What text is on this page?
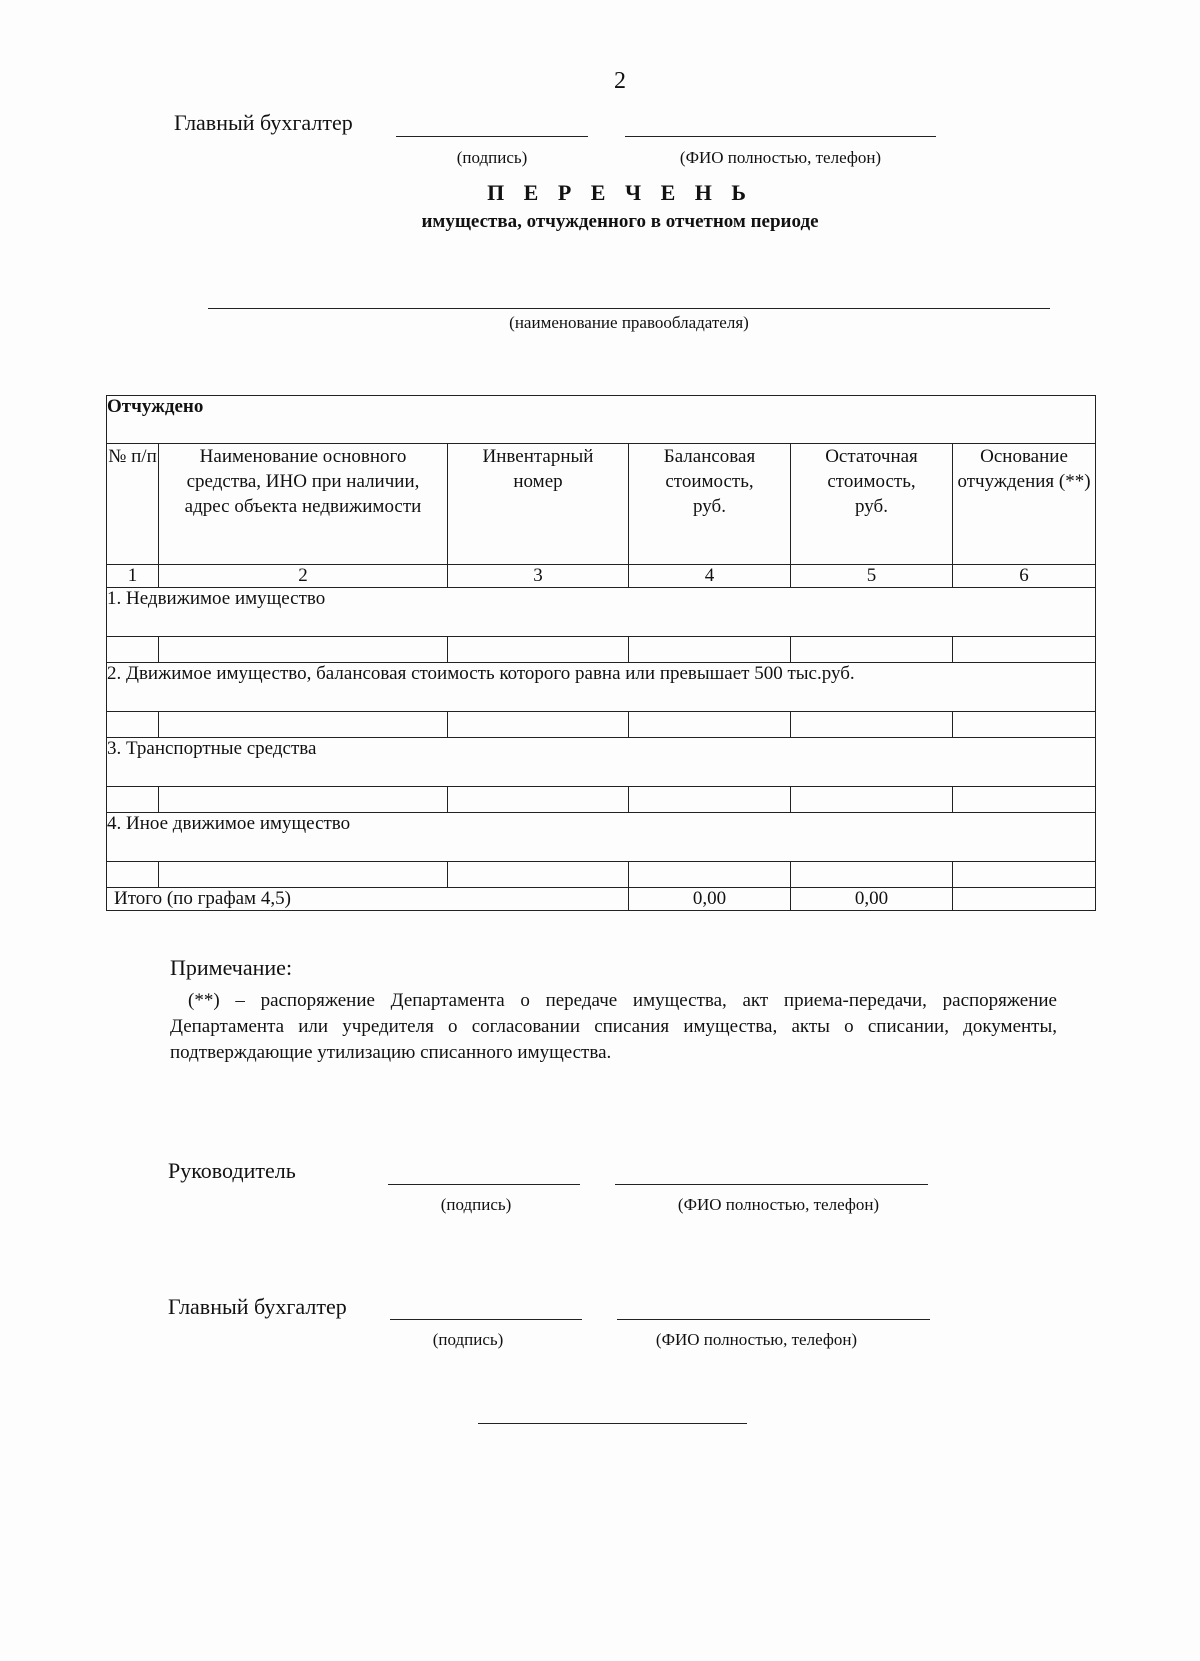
2
Главный бухгалтер
(подпись)	(ФИО полностью, телефон)
П Е Р Е Ч Е Н Ь
имущества, отчужденного в отчетном периоде
(наименование правообладателя)
Отчуждено					
№ п/п	Наименование основного средства, ИНО при наличии, адрес объекта недвижимости	Инвентарный номер	Балансовая стоимость, руб.	Остаточная стоимость, руб.	Основание отчуждения (**)
1	2	3	4	5	6
1. Недвижимое имущество					

2. Движимое имущество, балансовая стоимость которого равна или превышает 500 тыс.руб.					

3. Транспортные средства					

4. Иное движимое имущество					

Итого (по графам 4,5)			0,00	0,00	
Примечание:
(**) – распоряжение Департамента о передаче имущества, акт приема-передачи, распоряжение Департамента или учредителя о согласовании списания имущества, акты о списании, документы, подтверждающие утилизацию списанного имущества.
Руководитель
(подпись)	(ФИО полностью, телефон)
Главный бухгалтер
(подпись)	(ФИО полностью, телефон)
